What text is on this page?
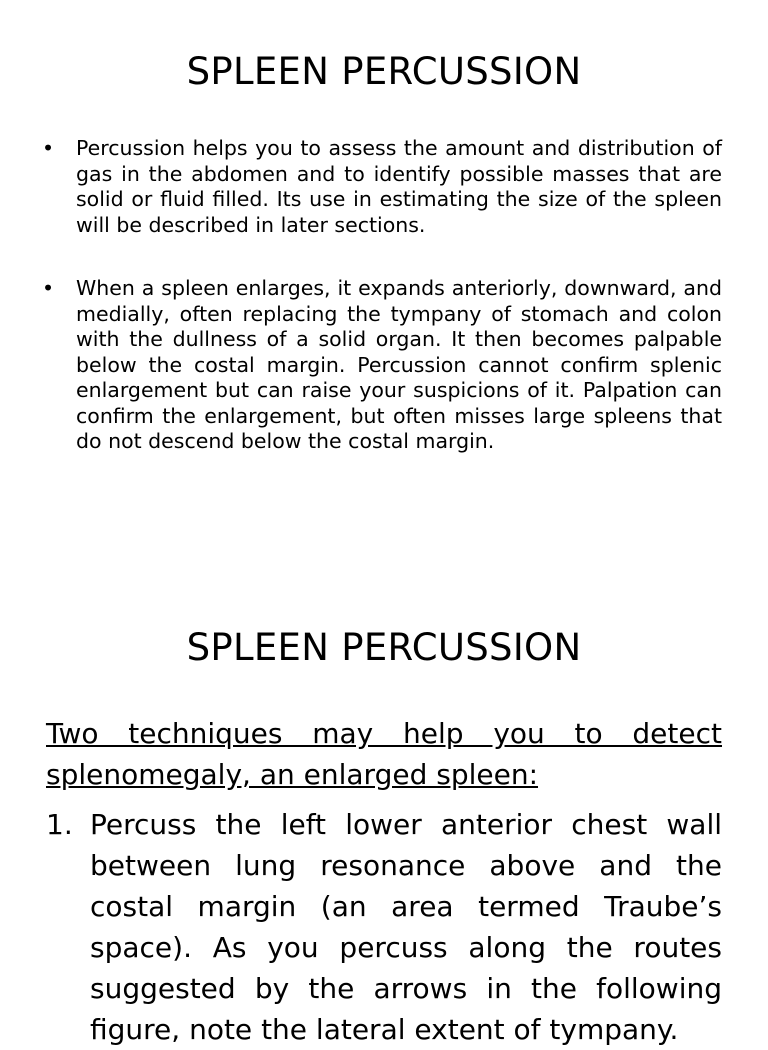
SPLEEN PERCUSSION
• Percussion helps you to assess the amount and distribution of gas in the abdomen and to identify possible masses that are solid or fluid filled. Its use in estimating the size of the spleen will be described in later sections.
• When a spleen enlarges, it expands anteriorly, downward, and medially, often replacing the tympany of stomach and colon with the dullness of a solid organ. It then becomes palpable below the costal margin. Percussion cannot confirm splenic enlargement but can raise your suspicions of it. Palpation can confirm the enlargement, but often misses large spleens that do not descend below the costal margin.
SPLEEN PERCUSSION

Two techniques may help you to detect splenomegaly, an enlarged spleen:

1. Percuss the left lower anterior chest wall between lung resonance above and the costal margin (an area termed Traube’s space). As you percuss along the routes suggested by the arrows in the following figure, note the lateral extent of tympany.
